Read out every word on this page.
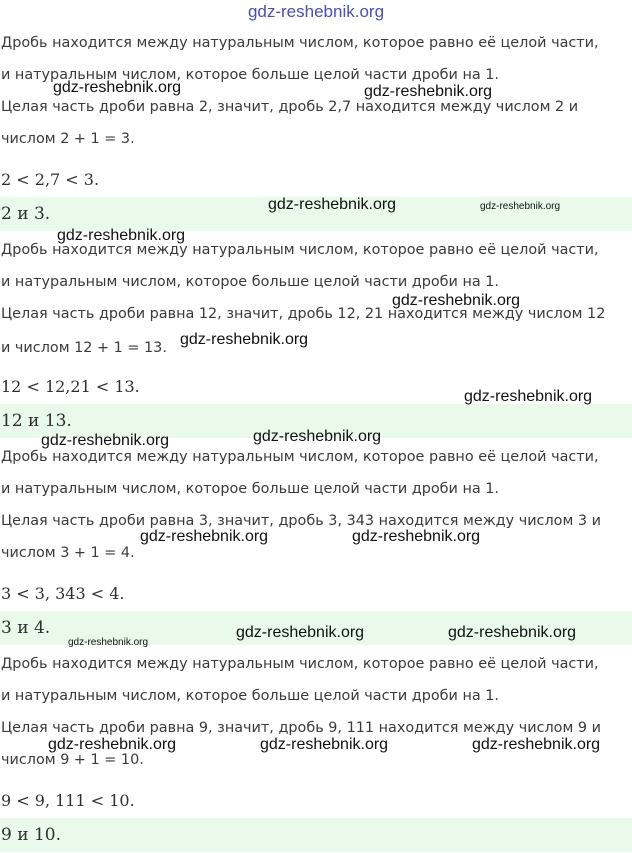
gdz-reshebnik.org
Дробь находится между натуральным числом, которое равно её целой части,
и натуральным числом, которое больше целой части дроби на 1.
Целая часть дроби равна 2, значит, дробь 2,7 находится между числом 2 и
числом 2 + 1 = 3.
2 < 2,7 < 3.
2 и 3.
Дробь находится между натуральным числом, которое равно её целой части,
и натуральным числом, которое больше целой части дроби на 1.
Целая часть дроби равна 12, значит, дробь 12, 21 находится между числом 12
и числом 12 + 1 = 13.
12 < 12,21 < 13.
12 и 13.
Дробь находится между натуральным числом, которое равно её целой части,
и натуральным числом, которое больше целой части дроби на 1.
Целая часть дроби равна 3, значит, дробь 3, 343 находится между числом 3 и
числом 3 + 1 = 4.
3 < 3, 343 < 4.
3 и 4.
Дробь находится между натуральным числом, которое равно её целой части,
и натуральным числом, которое больше целой части дроби на 1.
Целая часть дроби равна 9, значит, дробь 9, 111 находится между числом 9 и
числом 9 + 1 = 10.
9 < 9, 111 < 10.
9 и 10.
gdz-reshebnik.org	gdz-reshebnik.org
gdz-reshebnik.org	gdz-reshebnik.org
gdz-reshebnik.org
gdz-reshebnik.org
gdz-reshebnik.org
gdz-reshebnik.org
gdz-reshebnik.org	gdz-reshebnik.org
gdz-reshebnik.org	gdz-reshebnik.org
gdz-reshebnik.org
gdz-reshebnik.org	gdz-reshebnik.org
gdz-reshebnik.org	gdz-reshebnik.org	gdz-reshebnik.org
